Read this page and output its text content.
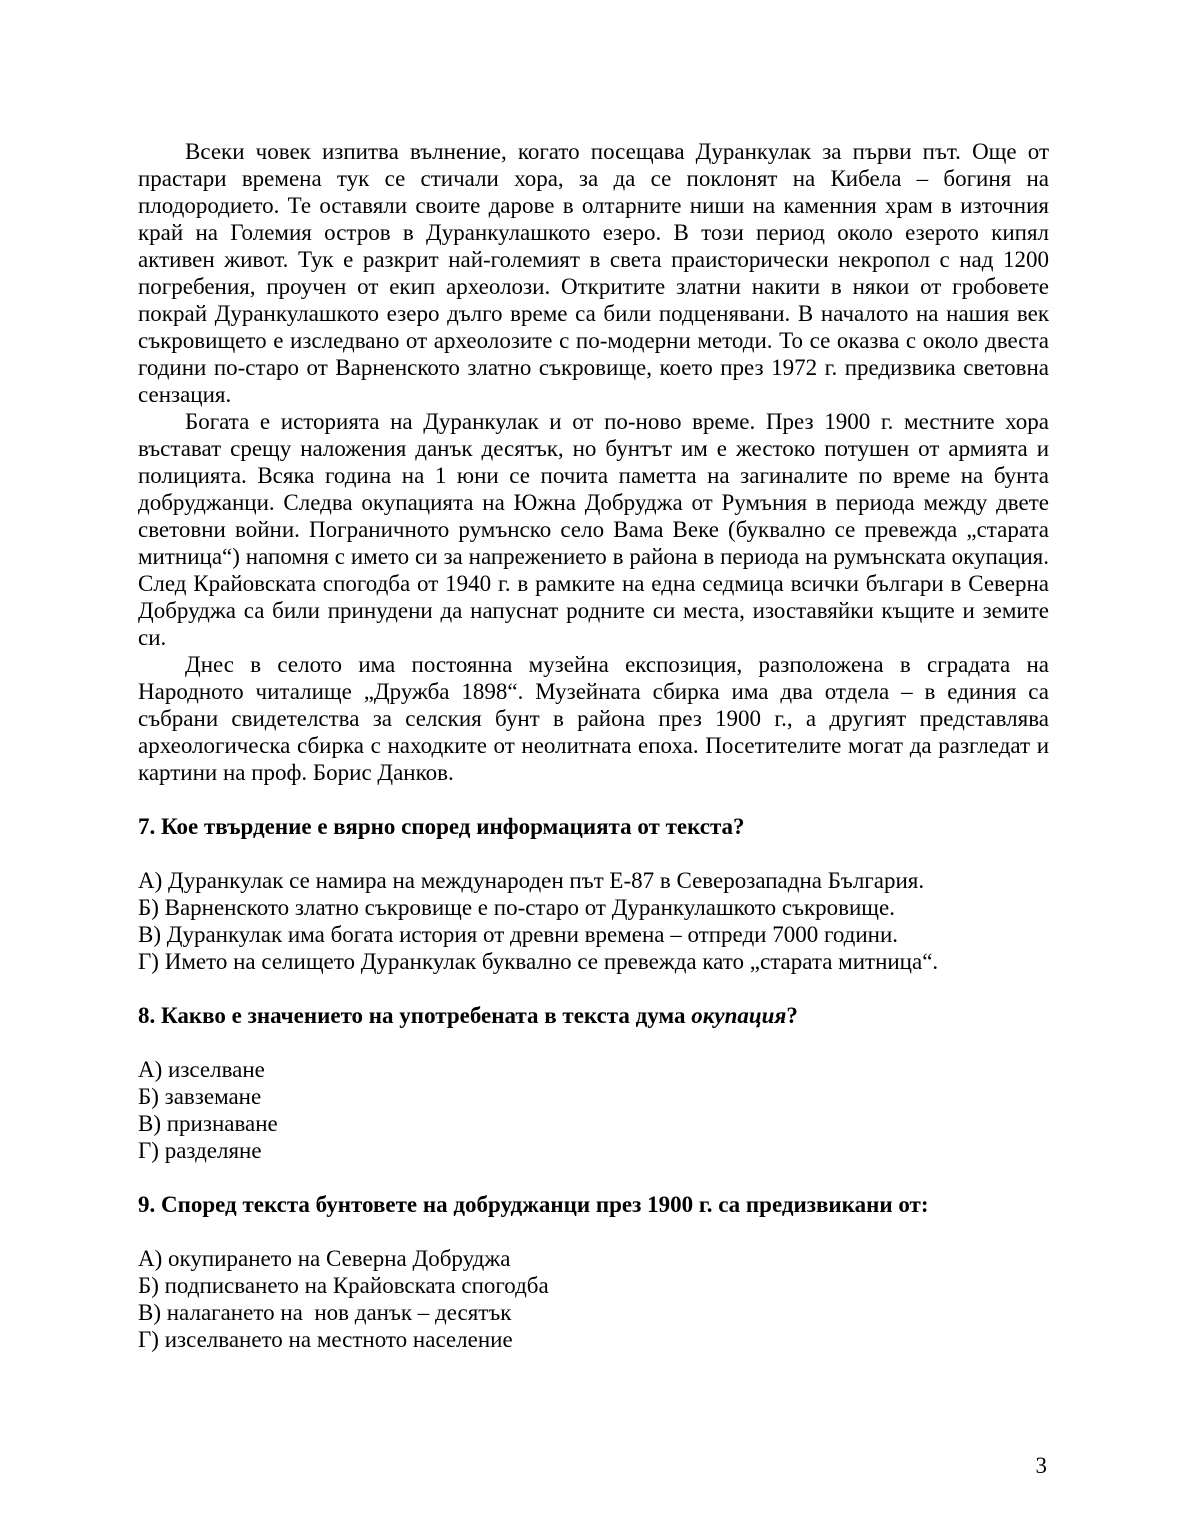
Всеки човек изпитва вълнение, когато посещава Дуранкулак за първи път. Още от прастари времена тук се стичали хора, за да се поклонят на Кибела – богиня на плодородието. Те оставяли своите дарове в олтарните ниши на каменния храм в източния край на Големия остров в Дуранкулашкото езеро. В този период около езерото кипял активен живот. Тук е разкрит най-големият в света праисторически некропол с над 1200 погребения, проучен от екип археолози. Откритите златни накити в някои от гробовете покрай Дуранкулашкото езеро дълго време са били подценявани. В началото на нашия век съкровището е изследвано от археолозите с по-модерни методи. То се оказва с около двеста години по-старо от Варненското златно съкровище, което през 1972 г. предизвика световна сензация.

Богата е историята на Дуранкулак и от по-ново време. През 1900 г. местните хора въстават срещу наложения данък десятък, но бунтът им е жестоко потушен от армията и полицията. Всяка година на 1 юни се почита паметта на загиналите по време на бунта добруджанци. Следва окупацията на Южна Добруджа от Румъния в периода между двете световни войни. Пограничното румънско село Вама Веке (буквално се превежда „старата митница“) напомня с името си за напрежението в района в периода на румънската окупация. След Крайовската спогодба от 1940 г. в рамките на една седмица всички българи в Северна Добруджа са били принудени да напуснат родните си места, изоставяйки къщите и земите си.

Днес в селото има постоянна музейна експозиция, разположена в сградата на Народното читалище „Дружба 1898“. Музейната сбирка има два отдела – в единия са събрани свидетелства за селския бунт в района през 1900 г., а другият представлява археологическа сбирка с находките от неолитната епоха. Посетителите могат да разгледат и картини на проф. Борис Данков.

7. Кое твърдение е вярно според информацията от текста?

А) Дуранкулак се намира на международен път Е-87 в Северозападна България.

Б) Варненското златно съкровище е по-старо от Дуранкулашкото съкровище.

В) Дуранкулак има богата история от древни времена – отпреди 7000 години.

Г) Името на селището Дуранкулак буквално се превежда като „старата митница“.

8. Какво е значението на употребената в текста дума окупация?

А) изселване

Б) завземане

В) признаване

Г) разделяне

9. Според текста бунтовете на добруджанци през 1900 г. са предизвикани от:

А) окупирането на Северна Добруджа

Б) подписването на Крайовската спогодба

В) налагането на  нов данък – десятък

Г) изселването на местното население

3
